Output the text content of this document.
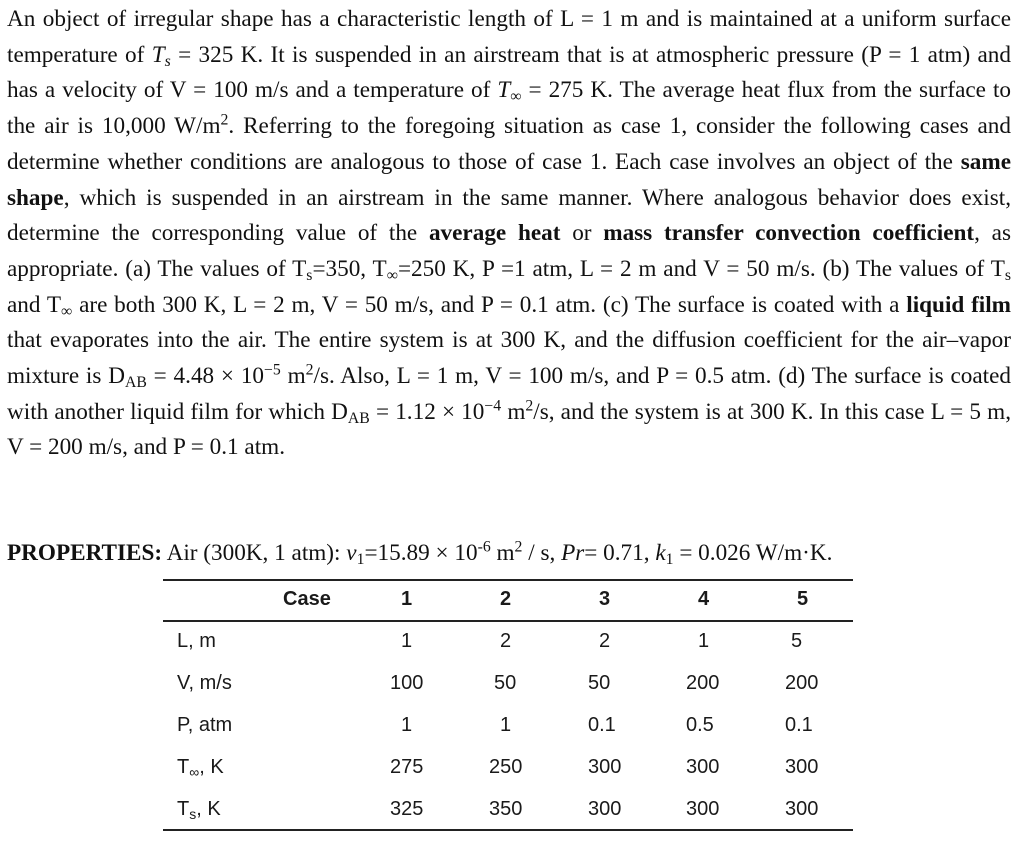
An object of irregular shape has a characteristic length of L = 1 m and is maintained at a uniform surface temperature of $T_s = 325$ K. It is suspended in an airstream that is at atmospheric pressure (P = 1 atm) and has a velocity of V = 100 m/s and a temperature of $T_\infty = 275$ K. The average heat flux from the surface to the air is 10,000 $W/m^2$. Referring to the foregoing situation as case 1, consider the following cases and determine whether conditions are analogous to those of case 1. Each case involves an object of the same shape, which is suspended in an airstream in the same manner. Where analogous behavior does exist, determine the corresponding value of the average heat or mass transfer convection coefficient, as appropriate. (a) The values of $T_s=350$, $T_\infty=250$ K, P =1 atm, L = 2 m and V = 50 m/s. (b) The values of $T_s$ and $T_\infty$ are both 300 K, L = 2 m, V = 50 m/s, and P = 0.1 atm. (c) The surface is coated with a liquid film that evaporates into the air. The entire system is at 300 K, and the diffusion coefficient for the air–vapor mixture is $D_{AB} = 4.48 \times 10^{-5}$ $m^2/s$. Also, L = 1 m, V = 100 m/s, and P = 0.5 atm. (d) The surface is coated with another liquid film for which $D_{AB} = 1.12 \times 10^{-4}$ $m^2/s$, and the system is at 300 K. In this case L = 5 m, V = 200 m/s, and P = 0.1 atm.
PROPERTIES: Air (300K, 1 atm): $\nu_1=15.89 \times 10^{-6}$ $m^2$ / s, Pr= 0.71, $k_1 = 0.026$ W/m·K.
Case	1	2	3	4	5
L, m	1	2	2	1	5
V, m/s	100	50	50	200	200
P, atm	1	1	0.1	0.5	0.1
$T_\infty$, K	275	250	300	300	300
$T_s$, K	325	350	300	300	300
